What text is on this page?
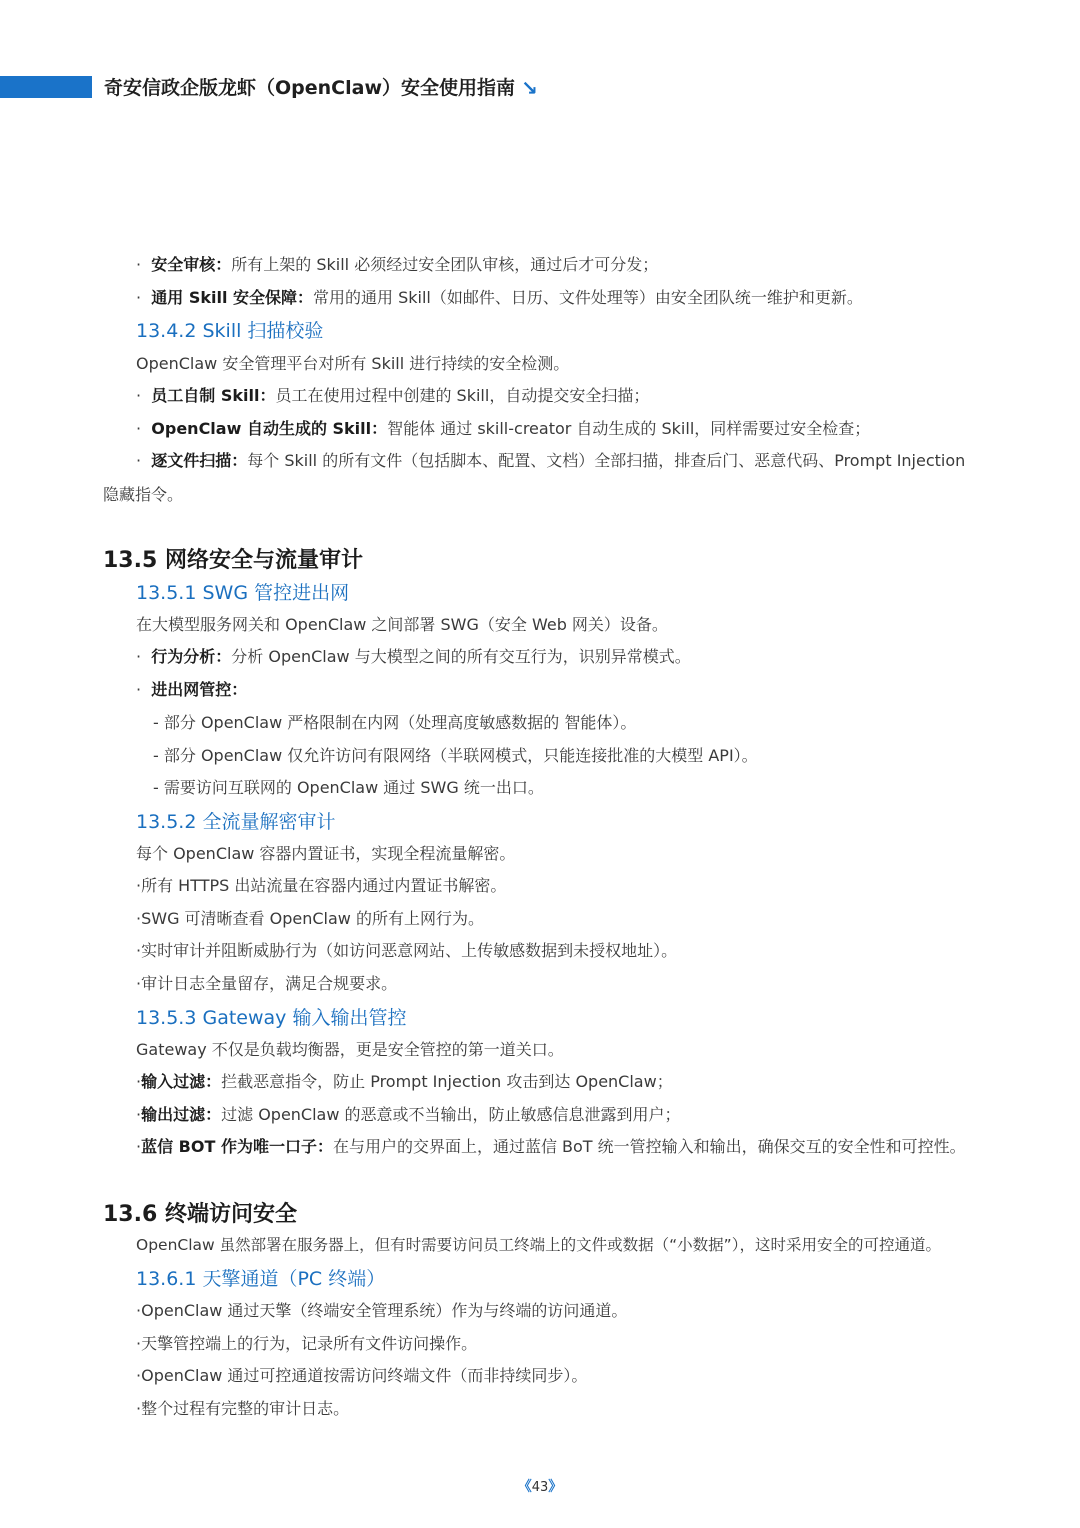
奇安信政企版龙虾（OpenClaw）安全使用指南 ↘
· 安全审核：所有上架的 Skill 必须经过安全团队审核，通过后才可分发；
· 通用 Skill 安全保障：常用的通用 Skill（如邮件、日历、文件处理等）由安全团队统一维护和更新。
13.4.2 Skill 扫描校验
OpenClaw 安全管理平台对所有 Skill 进行持续的安全检测。
· 员工自制 Skill：员工在使用过程中创建的 Skill，自动提交安全扫描；
· OpenClaw 自动生成的 Skill：智能体 通过 skill-creator 自动生成的 Skill，同样需要过安全检查；
· 逐文件扫描：每个 Skill 的所有文件（包括脚本、配置、文档）全部扫描，排查后门、恶意代码、Prompt Injection
隐藏指令。
13.5 网络安全与流量审计
13.5.1 SWG 管控进出网
在大模型服务网关和 OpenClaw 之间部署 SWG（安全 Web 网关）设备。
· 行为分析：分析 OpenClaw 与大模型之间的所有交互行为，识别异常模式。
· 进出网管控：
- 部分 OpenClaw 严格限制在内网（处理高度敏感数据的 智能体）。
- 部分 OpenClaw 仅允许访问有限网络（半联网模式，只能连接批准的大模型 API）。
- 需要访问互联网的 OpenClaw 通过 SWG 统一出口。
13.5.2 全流量解密审计
每个 OpenClaw 容器内置证书，实现全程流量解密。
·所有 HTTPS 出站流量在容器内通过内置证书解密。
·SWG 可清晰查看 OpenClaw 的所有上网行为。
·实时审计并阻断威胁行为（如访问恶意网站、上传敏感数据到未授权地址）。
·审计日志全量留存，满足合规要求。
13.5.3 Gateway 输入输出管控
Gateway 不仅是负载均衡器，更是安全管控的第一道关口。
·输入过滤：拦截恶意指令，防止 Prompt Injection 攻击到达 OpenClaw；
·输出过滤：过滤 OpenClaw 的恶意或不当输出，防止敏感信息泄露到用户；
·蓝信 BOT 作为唯一口子：在与用户的交界面上，通过蓝信 BoT 统一管控输入和输出，确保交互的安全性和可控性。
13.6 终端访问安全
OpenClaw 虽然部署在服务器上，但有时需要访问员工终端上的文件或数据（“小数据”），这时采用安全的可控通道。
13.6.1 天擎通道（PC 终端）
·OpenClaw 通过天擎（终端安全管理系统）作为与终端的访问通道。
·天擎管控端上的行为，记录所有文件访问操作。
·OpenClaw 通过可控通道按需访问终端文件（而非持续同步）。
·整个过程有完整的审计日志。
《43》
